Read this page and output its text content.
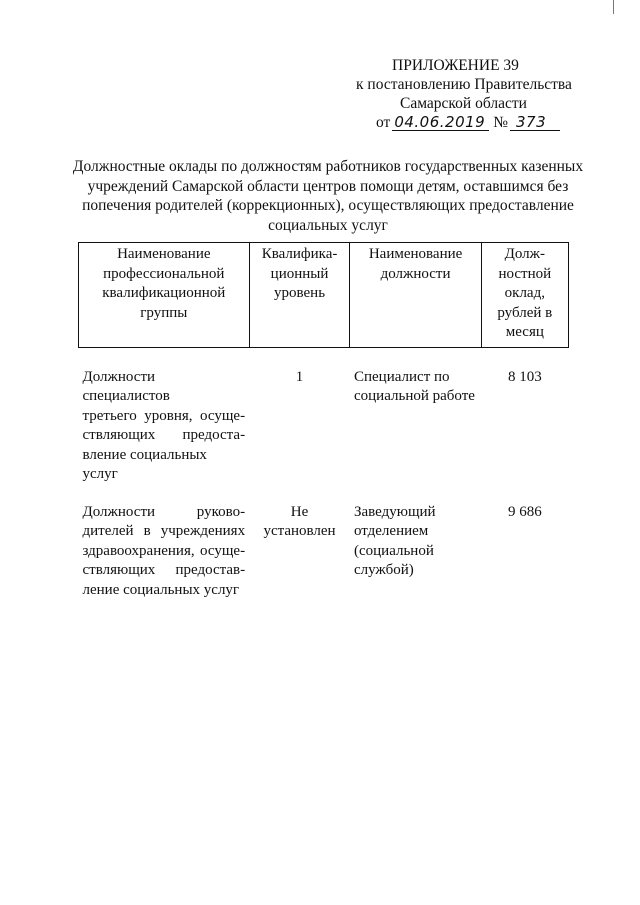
ПРИЛОЖЕНИЕ 39
к постановлению Правительства
Самарской области
от 04.06.2019 № 373
Должностные оклады по должностям работников государственных казенных учреждений Самарской области центров помощи детям, оставшимся без попечения родителей (коррекционных), осуществляющих предоставление социальных услуг
Наименование профессиональной квалификационной группы	Квалифика-ционный уровень	Наименование должности	Долж-ностной оклад, рублей в месяц

Должности специалистов
третьего уровня, осуще-
ствляющих предоста-
вление социальных услуг	1	Специалист по социальной работе	8 103

Должности руково-
дителей в учреждениях
здравоохранения, осуще-
ствляющих предостав-
ление социальных услуг	Не установлен	Заведующий отделением (социальной службой)	9 686
